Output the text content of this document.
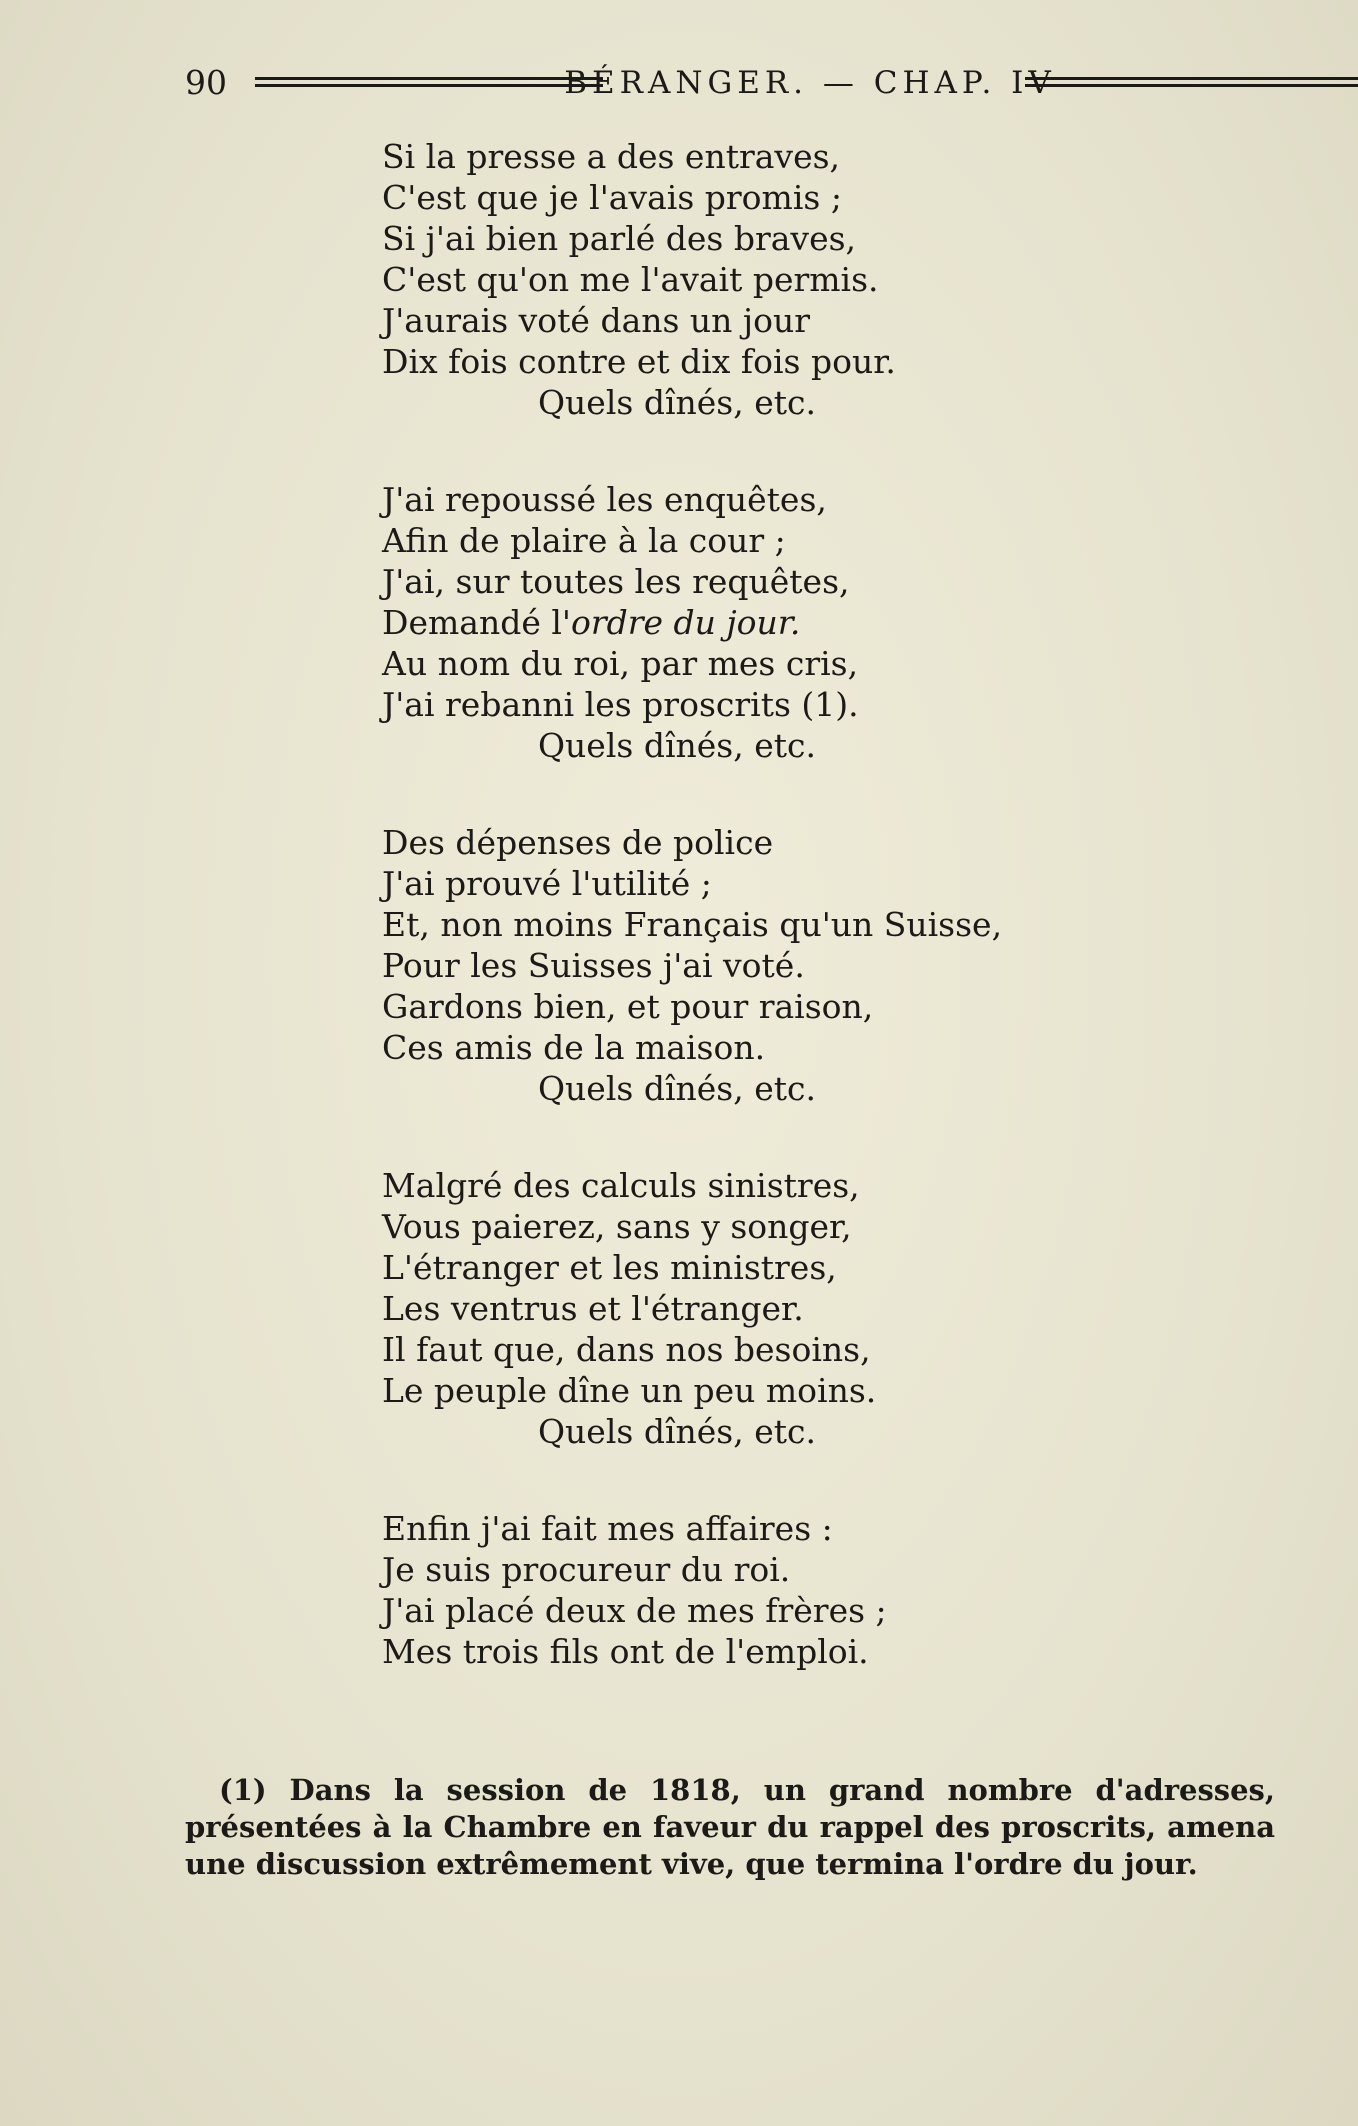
90	BÉRANGER. — CHAP. IV
Si la presse a des entraves,
C'est que je l'avais promis ;
Si j'ai bien parlé des braves,
C'est qu'on me l'avait permis.
J'aurais voté dans un jour
Dix fois contre et dix fois pour.
Quels dînés, etc.
J'ai repoussé les enquêtes,
Afin de plaire à la cour ;
J'ai, sur toutes les requêtes,
Demandé l'ordre du jour.
Au nom du roi, par mes cris,
J'ai rebanni les proscrits (1).
Quels dînés, etc.
Des dépenses de police
J'ai prouvé l'utilité ;
Et, non moins Français qu'un Suisse,
Pour les Suisses j'ai voté.
Gardons bien, et pour raison,
Ces amis de la maison.
Quels dînés, etc.
Malgré des calculs sinistres,
Vous paierez, sans y songer,
L'étranger et les ministres,
Les ventrus et l'étranger.
Il faut que, dans nos besoins,
Le peuple dîne un peu moins.
Quels dînés, etc.
Enfin j'ai fait mes affaires :
Je suis procureur du roi.
J'ai placé deux de mes frères ;
Mes trois fils ont de l'emploi.
(1) Dans la session de 1818, un grand nombre d'adresses, présentées à la Chambre en faveur du rappel des proscrits, amena une discussion extrêmement vive, que termina l'ordre du jour.
